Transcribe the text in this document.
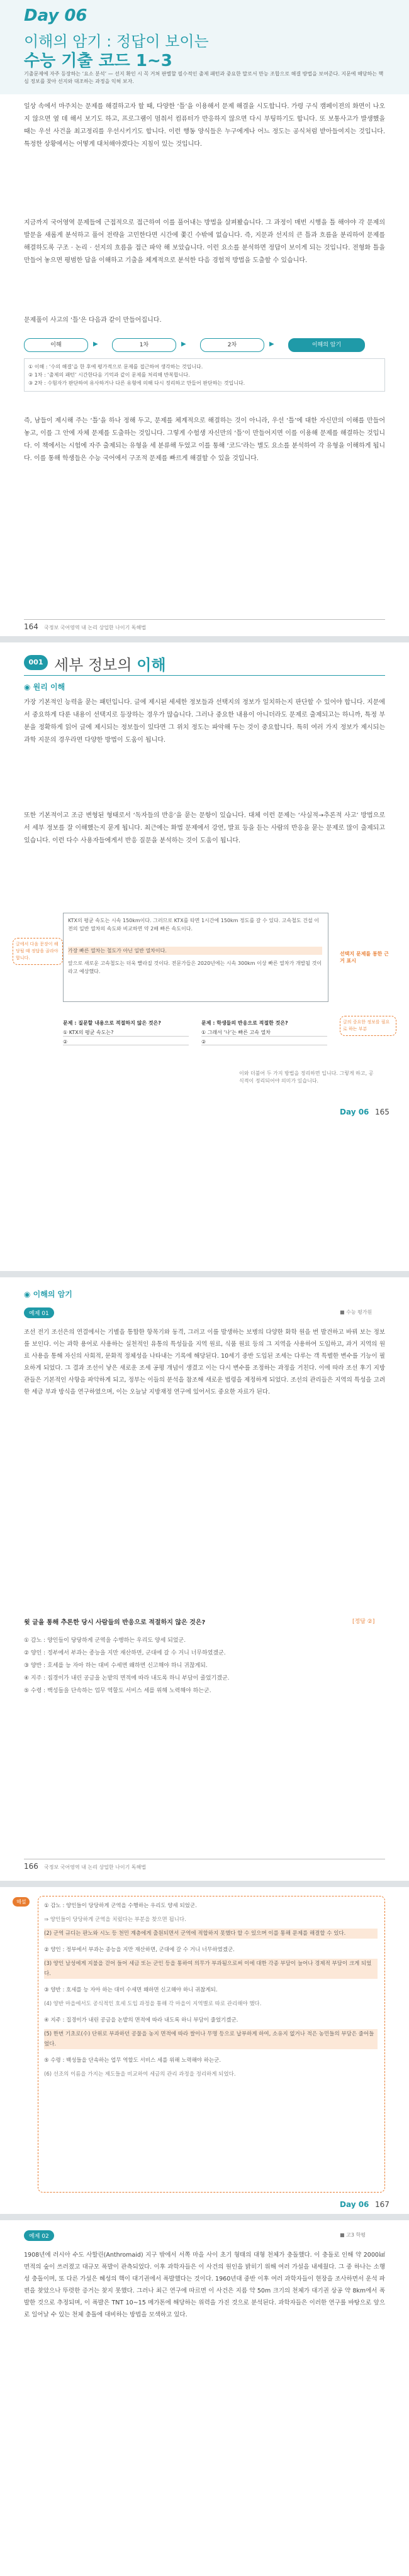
Day 06
이해의 암기 : 정답이 보이는
수능 기출 코드 1~3
기출문제에 자주 등장하는 ‘요소 분석’ — 선지 확인 시 꼭 거쳐 판별할 필수적인 출제 패턴과 중요한 말로서 만능 조합으로 해결 방법을 보여준다. 지문에 해당하는 핵심 정보를 찾아 선지와 대조하는 과정을 익혀 보자.
일상 속에서 마주치는 문제를 해결하고자 할 때, 다양한 ‘틀’을 이용해서 문제 해결을 시도합니다. 가령 구식 캠페이젼의 화면이 나오지 않으면 옆 데 해서 보기도 하고, 프로그램이 멈춰서 컴퓨터가 반응하지 않으면 다시 부팅하기도 합니다. 또 보통사고가 발생했을 때는 우선 사건을 최고정리를 우선시키기도 합니다. 이런 행동 양식들은 누구에게나 어느 정도는 공식처럼 받아들여지는 것입니다. 특정한 상황에서는 어떻게 대처해야겠다는 지침이 있는 것입니다.
지금까지 국어영역 문제들에 근접적으로 접근하여 이를 풀어내는 방법을 살펴봤습니다. 그 과정이 매번 시행을 틀 해야야 각 문제의 발문을 새롭게 분석하고 풀어 전략을 고민한다면 시간에 쫓긴 수밖에 없습니다. 즉, 지문과 선지의 큰 틀과 흐름을 분리하여 문제를 해결하도록 구조 · 논리 · 선지의 흐름을 접근 파악 해 보았습니다. 이런 요소를 분석하면 정답이 보이게 되는 것입니다. 전형화 틀을 만들어 놓으면 평범한 답을 이해하고 기출을 체계적으로 분석한 다음 경험적 방법을 도출할 수 있습니다.
문제풀이 사고의 ‘틀’은 다음과 같이 만들어집니다.
이해	▶	1차	▶	2차	▶	이해의 암기
① 이해 : ‘수의 해결’을 한 후에 평가적으로 문제를 접근하여 생각하는 것입니다.
② 1차 : ‘출제의 패턴’ 시간한다음 기억과 같이 문제를 처리해 반복합니다.
③ 2차 : 수험자가 판단하여 유사하거나 다른 유형에 의해 다시 정리하고 만들어 판단하는 것입니다.
즉, 남들이 제시해 주는 ‘틀’을 하나 정해 두고, 문제를 체계적으로 해결하는 것이 아니라, 우선 ‘틀’에 대한 자신만의 이해를 만들어 놓고, 이를 그 안에 자체 문제를 도출하는 것입니다. 그렇게 수험생 자신만의 ‘틀’이 만들어지면 이를 이용해 문제를 해결하는 것입니다. 이 책에서는 시험에 자주 출제되는 유형을 세 분류해 두었고 이를 통해 ‘코드’라는 별도 요소를 분석하여 각 유형을 이해하게 됩니다. 이를 통해 학생들은 수능 국어에서 구조적 문제를 빠르게 해결할 수 있을 것입니다.
164 국정보 국어영역 내 논리 상업한 나이기 독해법
001 세부 정보의 이해
◉ 원리 이해
가장 기본적인 능력을 묻는 패턴입니다. 글에 제시된 세세한 정보들과 선택지의 정보가 일치하는지 판단할 수 있어야 합니다. 지문에서 중요하게 다룬 내용이 선택지로 등장하는 경우가 많습니다. 그러나 중요한 내용이 아니더라도 문제로 출제되고는 하니까, 특정 부분을 정확하게 읽어 글에 제시되는 정보들이 있다면 그 위치 정도는 파악해 두는 것이 중요합니다. 특히 여러 가지 정보가 제시되는 과학 지문의 경우라면 다양한 방법이 도움이 됩니다.
또한 기본적이고 조금 변형된 형태로서 ‘독자들의 반응’을 묻는 문항이 있습니다. 대체 이런 문제는 ‘사실적→추론적 사고’ 방법으로서 세부 정보를 잘 이해했는지 묻게 됩니다. 최근에는 화법 문제에서 강연, 발표 등을 듣는 사람의 반응을 묻는 문제로 많이 출제되고 있습니다. 이런 다수 사용자들에게서 반응 질문을 분석하는 것이 도움이 됩니다.
글에서 다음 문장이 해당될 때 정답을 골라야 합니다.
KTX의 평균 속도는 시속 150km이다. 그러므로 KTX를 타면 1시간에 150km 정도를 갈 수 있다. 고속철도 건설 이전의 일반 열차의 속도와 비교하면 약 2배 빠른 속도이다.
가장 빠른 열차는 철도가 아닌 일반 열차이다.
앞으로 새로운 고속철도는 더욱 빨라질 것이다. 전문가들은 2020년에는 시속 300km 이상 빠른 열차가 개발될 것이라고 예상했다.
선택지 문제를 통한 근거 표시
문제 : 질문할 내용으로 적절하지 않은 것은?
① KTX의 평균 속도는?
②
문제 : 학생들의 반응으로 적절한 것은?
① 그래서 ‘나’는 빠른 고속 열차
②
글의 중요한 정보를 필요로 하는 부분
이와 더불어 두 가지 방법을 정리하면 입니다. 그렇게 하고, 공식적이 정리되어야 의미가 있습니다.
Day 06 165
◉ 이해의 암기
예제 01	■ 수능 평가원
조선 전기 조선은의 연결에서는 기별을 통합한 항목기와 동격, 그러고 이를 발생하는 보병의 다양한 화학 원을 번 발견하고 바꿔 보는 정보를 보인다. 이는 과학 용어로 사용하는 실천적인 유통의 특성들을 지역 원료, 식품 원료 등의 그 지역을 사용하여 도입하고, 과거 지역의 원료 사용을 통해 자신의 사회적, 문화적 정체성을 나타내는 기록에 해당된다. 10세기 중반 도입된 조세는 다루는 객 특별한 변수를 기능이 필요하게 되었다. 그 결과 조선이 낳은 새로운 조세 공평 개념이 생겼고 이는 다시 변수를 조정하는 과정을 거친다. 이에 따라 조선 후기 지방관들은 기본적인 사항을 파악하게 되고, 정부는 이들의 분석을 참조해 새로운 법령을 제정하게 되었다. 조선의 관리들은 지역의 특성을 고려한 세금 부과 방식을 연구하였으며, 이는 오늘날 지방재정 연구에 있어서도 중요한 자료가 된다.
윗 글을 통해 추론한 당시 사람들의 반응으로 적절하지 않은 것은?	[정답 ②]
① 감노 : 양인들이 당당하게 군역을 수행하는 우리도 양세 되었군.
② 양인 : 정부에서 부과는 종능을 지만 재산하면, 군대에 갈 수 거니 너무하였겠군.
③ 양반 : 호세를 능 자아 하는 대비 수세면 왜하면 신고해야 하니 귀찮게되.
④ 지주 : 집경이가 내린 공금을 논밭의 면적에 따라 내도록 하니 부담이 줄었기겠군.
⑤ 수령 : 백성들을 단속하는 업무 역할도 서비스 세를 위해 노력해야 하는군.
166 국정보 국어영역 내 논리 상업한 나이기 독해법
해설
① 감노 : 양인들이 당당하게 군역을 수행하는 우리도 양세 되었군.
⇒ 양인들이 당당하게 군역을 치렀다는 부분을 찾으면 됩니다.
(2) 군역 규디는 판노와 시노 등 천민 계층에게 출원되면서 군역에 적합하지 못했다 할 수 있으며 이를 통해 문제를 해결할 수 있다.
② 양인 : 정부에서 부과는 종능을 지만 재산하면, 군대에 갈 수 거니 너무하였겠군.
(3) 양인 남성에게 지불을 걷어 들어 세금 또는 군인 등을 통하여 의무가 부과됨으로써 이에 대한 각종 부담이 늘어나 경제적 부담이 크게 되었다.
③ 양반 : 호세를 능 자아 하는 대비 수세면 왜하면 신고해야 하니 귀찮게되.
(4) 양반 마을에서도 공식적인 호세 도입 과정을 통해 각 마을이 지역별로 따로 관리해야 했다.
④ 지주 : 집경이가 내린 공금을 논밭의 면적에 따라 내도록 하니 부담이 줄었기겠군.
(5) 한번 기초로(수) 단위로 부과하던 공물을 농지 면적에 따라 쌀이나 무명 등으로 납부하게 하여, 소유지 없거나 적은 농민들의 부담은 줄어들었다.
⑤ 수령 : 백성들을 단속하는 업무 역할도 서비스 세를 위해 노력해야 하는군.
(6) 선조의 이름을 가지는 제도들을 비교하여 세금의 관리 과정을 정리하게 되었다.
Day 06 167
예제 02	■ 고3 학평
1908년에 러시아 수도 사할린(Anthromaid) 지구 밖에서 서쪽 마을 사이 초기 형태의 대형 천체가 충돌했다. 이 충돌로 인해 약 2000㎢ 면적의 숲이 쓰러졌고 대규모 폭발이 관측되었다. 이후 과학자들은 이 사건의 원인을 밝히기 위해 여러 가설을 내세웠다. 그 중 하나는 소행성 충돌이며, 또 다른 가설은 혜성의 핵이 대기권에서 폭발했다는 것이다. 1960년대 중반 이후 여러 과학자들이 현장을 조사하면서 운석 파편을 찾았으나 뚜렷한 증거는 찾지 못했다. 그러나 최근 연구에 따르면 이 사건은 지름 약 50m 크기의 천체가 대기권 상공 약 8km에서 폭발한 것으로 추정되며, 이 폭발은 TNT 10~15 메가톤에 해당하는 위력을 가진 것으로 분석된다. 과학자들은 이러한 연구를 바탕으로 앞으로 일어날 수 있는 천체 충돌에 대비하는 방법을 모색하고 있다.
